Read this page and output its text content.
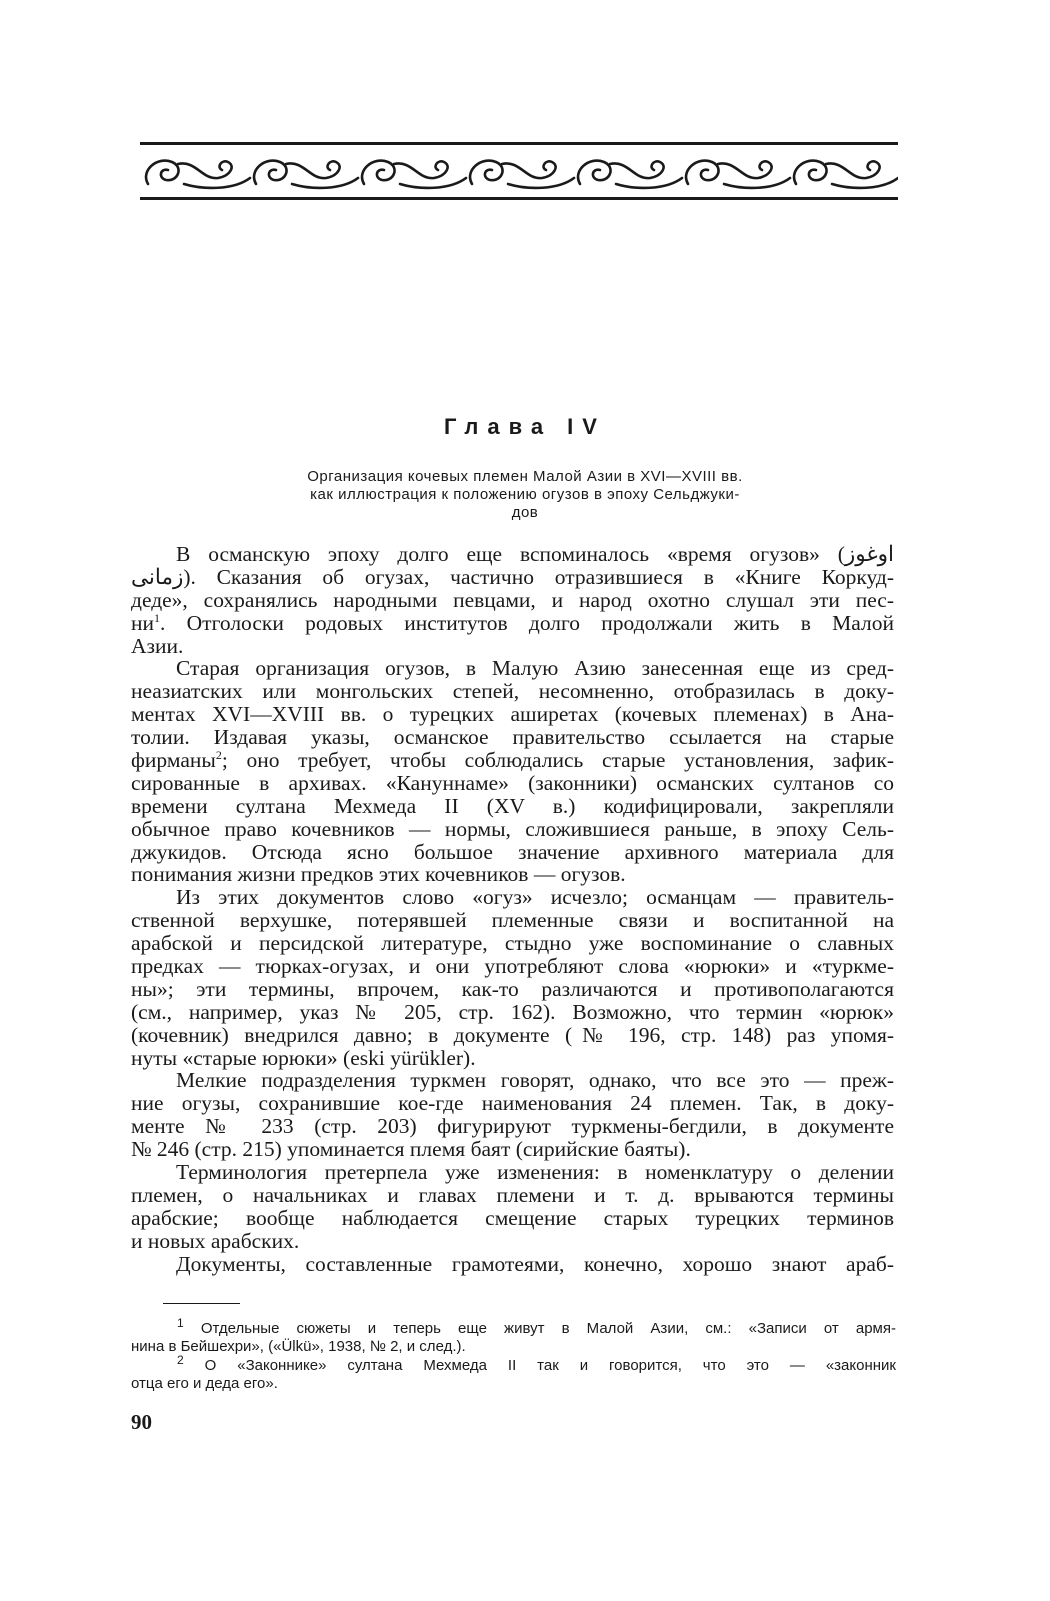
Глава IV
Организация кочевых племен Малой Азии в XVI—XVIII вв.
как иллюстрация к положению огузов в эпоху Сельджуки-
дов
В османскую эпоху долго еще вспоминалось «время огузов» (اوغوز
زمانی). Сказания об огузах, частично отразившиеся в «Книге Коркуд-
деде», сохранялись народными певцами, и народ охотно слушал эти пес-
$ни^1$. Отголоски родовых институтов долго продолжали жить в Малой
Азии.
Старая организация огузов, в Малую Азию занесенная еще из сред-
неазиатских или монгольских степей, несомненно, отобразилась в доку-
ментах XVI—XVIII вв. о турецких аширетах (кочевых племенах) в Ана-
толии. Издавая указы, османское правительство ссылается на старые
фирманы$^2$; оно требует, чтобы соблюдались старые установления, зафик-
сированные в архивах. «Кануннаме» (законники) османских султанов со
времени султана Мехмеда II (XV в.) кодифицировали, закрепляли
обычное право кочевников — нормы, сложившиеся раньше, в эпоху Сель-
джукидов. Отсюда ясно большое значение архивного материала для
понимания жизни предков этих кочевников — огузов.
Из этих документов слово «огуз» исчезло; османцам — правитель-
ственной верхушке, потерявшей племенные связи и воспитанной на
арабской и персидской литературе, стыдно уже воспоминание о славных
предках — тюрках-огузах, и они употребляют слова «юрюки» и «туркме-
ны»; эти термины, впрочем, как-то различаются и противополагаются
(см., например, указ № 205, стр. 162). Возможно, что термин «юрюк»
(кочевник) внедрился давно; в документе (№ 196, стр. 148) раз упомя-
нуты «старые юрюки» (eski yürükler).
Мелкие подразделения туркмен говорят, однако, что все это — преж-
ние огузы, сохранившие кое-где наименования 24 племен. Так, в доку-
менте № 233 (стр. 203) фигурируют туркмены-бегдили, в документе
№ 246 (стр. 215) упоминается племя баят (сирийские баяты).
Терминология претерпела уже изменения: в номенклатуру о делении
племен, о начальниках и главах племени и т. д. врываются термины
арабские; вообще наблюдается смещение старых турецких терминов
и новых арабских.
Документы, составленные грамотеями, конечно, хорошо знают араб-
$^1$ Отдельные сюжеты и теперь еще живут в Малой Азии, см.: «Записи от армя-
нина в Бейшехри», («Ülkü», 1938, № 2, и след.).
$^2$ О «Законнике» султана Мехмеда II так и говорится, что это — «законник
отца его и деда его».
90
